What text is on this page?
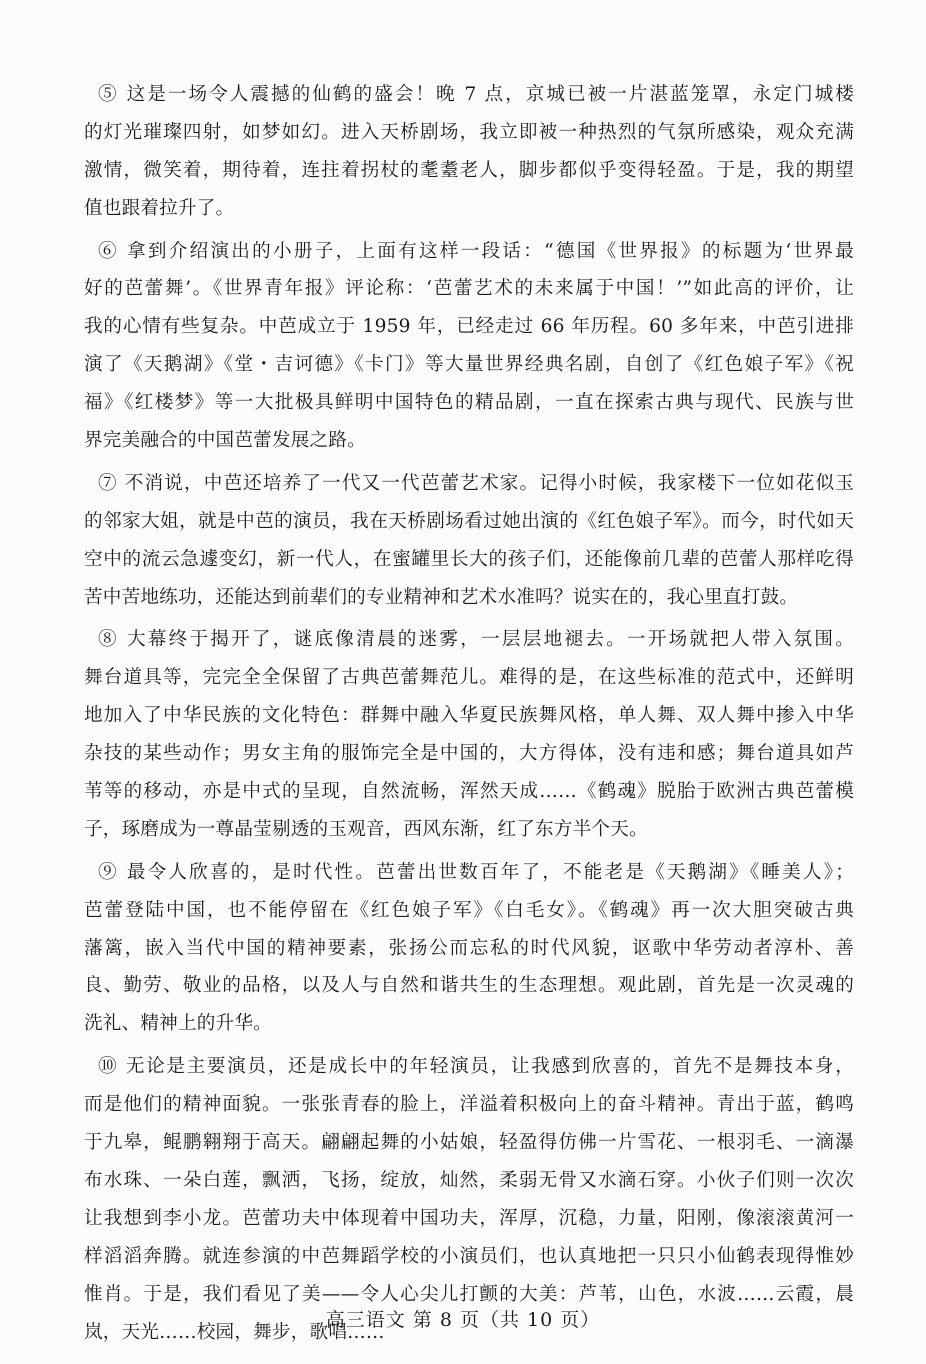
⑤ 这是一场令人震撼的仙鹤的盛会！晚 7 点，京城已被一片湛蓝笼罩，永定门城楼
的灯光璀璨四射，如梦如幻。进入天桥剧场，我立即被一种热烈的气氛所感染，观众充满
激情，微笑着，期待着，连拄着拐杖的耄耋老人，脚步都似乎变得轻盈。于是，我的期望
值也跟着拉升了。
⑥ 拿到介绍演出的小册子，上面有这样一段话：“德国《世界报》的标题为‘世界最
好的芭蕾舞’。《世界青年报》评论称：‘芭蕾艺术的未来属于中国！’”如此高的评价，让
我的心情有些复杂。中芭成立于 1959 年，已经走过 66 年历程。60 多年来，中芭引进排
演了《天鹅湖》《堂・吉诃德》《卡门》等大量世界经典名剧，自创了《红色娘子军》《祝
福》《红楼梦》等一大批极具鲜明中国特色的精品剧，一直在探索古典与现代、民族与世
界完美融合的中国芭蕾发展之路。
⑦ 不消说，中芭还培养了一代又一代芭蕾艺术家。记得小时候，我家楼下一位如花似玉
的邻家大姐，就是中芭的演员，我在天桥剧场看过她出演的《红色娘子军》。而今，时代如天
空中的流云急遽变幻，新一代人，在蜜罐里长大的孩子们，还能像前几辈的芭蕾人那样吃得
苦中苦地练功，还能达到前辈们的专业精神和艺术水准吗？说实在的，我心里直打鼓。
⑧ 大幕终于揭开了，谜底像清晨的迷雾，一层层地褪去。一开场就把人带入氛围。
舞台道具等，完完全全保留了古典芭蕾舞范儿。难得的是，在这些标准的范式中，还鲜明
地加入了中华民族的文化特色：群舞中融入华夏民族舞风格，单人舞、双人舞中掺入中华
杂技的某些动作；男女主角的服饰完全是中国的，大方得体，没有违和感；舞台道具如芦
苇等的移动，亦是中式的呈现，自然流畅，浑然天成……《鹤魂》脱胎于欧洲古典芭蕾模
子，琢磨成为一尊晶莹剔透的玉观音，西风东渐，红了东方半个天。
⑨ 最令人欣喜的，是时代性。芭蕾出世数百年了，不能老是《天鹅湖》《睡美人》；
芭蕾登陆中国，也不能停留在《红色娘子军》《白毛女》。《鹤魂》再一次大胆突破古典
藩篱，嵌入当代中国的精神要素，张扬公而忘私的时代风貌，讴歌中华劳动者淳朴、善
良、勤劳、敬业的品格，以及人与自然和谐共生的生态理想。观此剧，首先是一次灵魂的
洗礼、精神上的升华。
⑩ 无论是主要演员，还是成长中的年轻演员，让我感到欣喜的，首先不是舞技本身，
而是他们的精神面貌。一张张青春的脸上，洋溢着积极向上的奋斗精神。青出于蓝，鹤鸣
于九皋，鲲鹏翱翔于高天。翩翩起舞的小姑娘，轻盈得仿佛一片雪花、一根羽毛、一滴瀑
布水珠、一朵白莲，飘洒，飞扬，绽放，灿然，柔弱无骨又水滴石穿。小伙子们则一次次
让我想到李小龙。芭蕾功夫中体现着中国功夫，浑厚，沉稳，力量，阳刚，像滚滚黄河一
样滔滔奔腾。就连参演的中芭舞蹈学校的小演员们，也认真地把一只只小仙鹤表现得惟妙
惟肖。于是，我们看见了美——令人心尖儿打颤的大美：芦苇，山色，水波……云霞，晨
岚，天光……校园，舞步，歌唱……
高三语文 第 8 页（共 10 页）
